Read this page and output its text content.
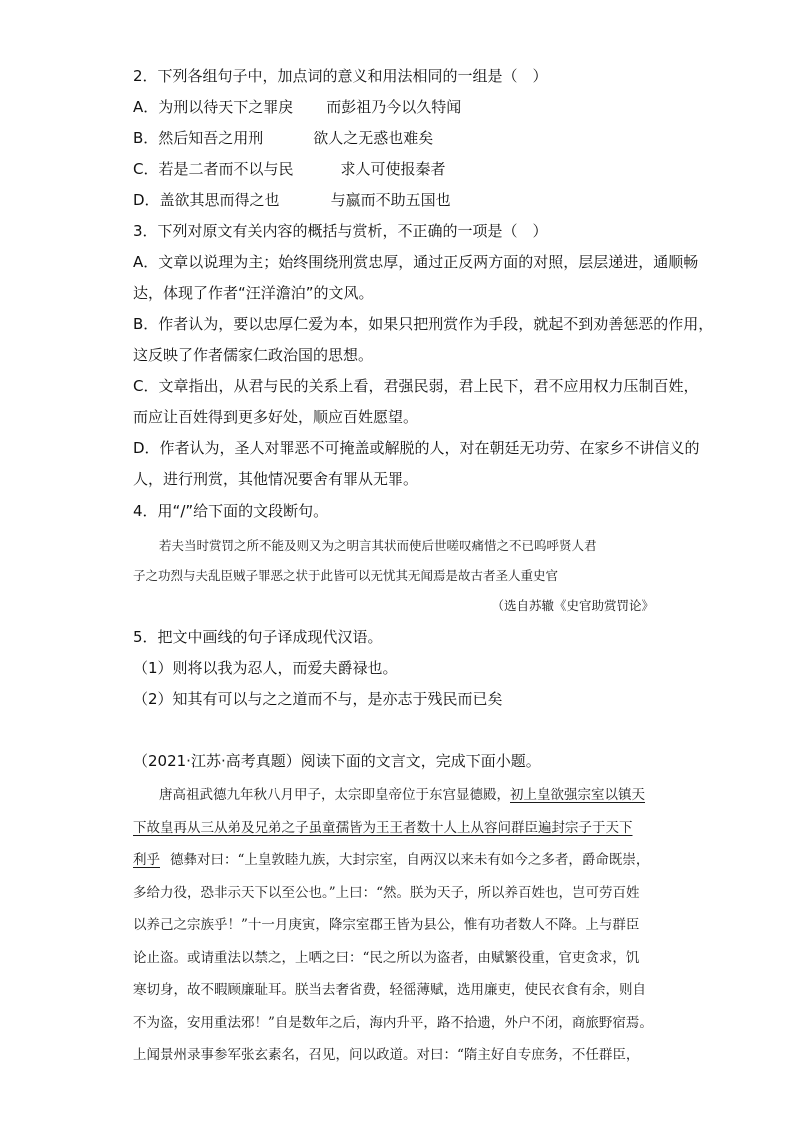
2．下列各组句子中，加点词的意义和用法相同的一组是（　）
A．为刑以待天下之罪戾 而彭祖乃今以久特闻
B．然后知吾之用刑	欲人之无惑也难矣
C．若是二者而不以与民	求人可使报秦者
D．盖欲其思而得之也	与嬴而不助五国也
3．下列对原文有关内容的概括与赏析，不正确的一项是（　）
A．文章以说理为主；始终围绕刑赏忠厚，通过正反两方面的对照，层层递进，通顺畅
达，体现了作者“汪洋澹泊”的文风。
B．作者认为，要以忠厚仁爱为本，如果只把刑赏作为手段，就起不到劝善惩恶的作用，
这反映了作者儒家仁政治国的思想。
C．文章指出，从君与民的关系上看，君强民弱，君上民下，君不应用权力压制百姓，
而应让百姓得到更多好处，顺应百姓愿望。
D．作者认为，圣人对罪恶不可掩盖或解脱的人，对在朝廷无功劳、在家乡不讲信义的
人，进行刑赏，其他情况要舍有罪从无罪。
4．用“/”给下面的文段断句。
若夫当时赏罚之所不能及则又为之明言其状而使后世嗟叹痛惜之不已呜呼贤人君
子之功烈与夫乱臣贼子罪恶之状于此皆可以无忧其无闻焉是故古者圣人重史官
（选自苏辙《史官助赏罚论》
5．把文中画线的句子译成现代汉语。
（1）则将以我为忍人，而爱夫爵禄也。
（2）知其有可以与之之道而不与，是亦志于残民而已矣
（2021·江苏·高考真题）阅读下面的文言文，完成下面小题。
唐高祖武德九年秋八月甲子，太宗即皇帝位于东宫显德殿，初上皇欲强宗室以镇天
下故皇再从三从弟及兄弟之子虽童孺皆为王王者数十人上从容问群臣遍封宗子于天下
利乎 德彝对曰：“上皇敦睦九族，大封宗室，自两汉以来未有如今之多者，爵命既崇，
多给力役，恐非示天下以至公也。”上曰：“然。朕为天子，所以养百姓也，岂可劳百姓
以养己之宗族乎！”十一月庚寅，降宗室郡王皆为县公，惟有功者数人不降。上与群臣
论止盗。或请重法以禁之，上哂之曰：“民之所以为盗者，由赋繁役重，官吏贪求，饥
寒切身，故不暇顾廉耻耳。朕当去奢省费，轻徭薄赋，选用廉吏，使民衣食有余，则自
不为盗，安用重法邪！”自是数年之后，海内升平，路不拾遗，外户不闭，商旅野宿焉。
上闻景州录事参军张玄素名，召见，问以政道。对曰：“隋主好自专庶务，不任群臣，
